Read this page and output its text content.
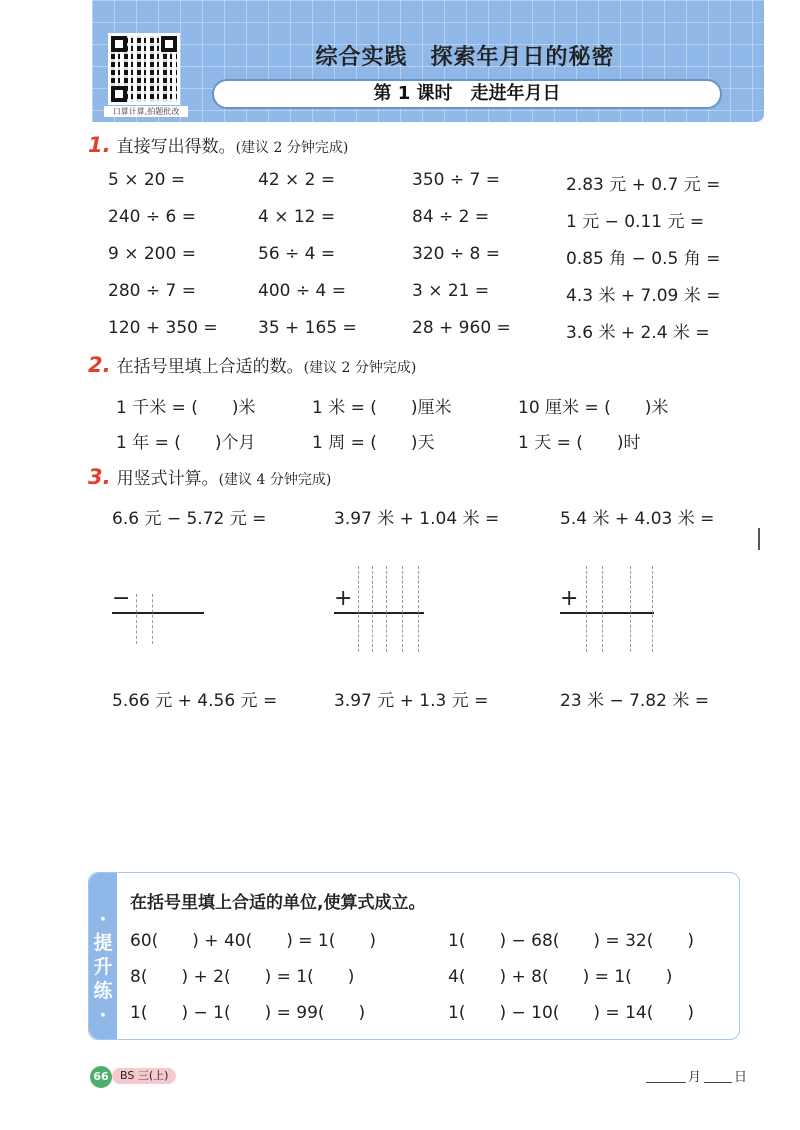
口算计算,拍题批改
综合实践　探索年月日的秘密
第 1 课时　走进年月日
1. 直接写出得数。(建议 2 分钟完成)
5 × 20 =	42 × 2 =	350 ÷ 7 =	2.83 元 + 0.7 元 =
240 ÷ 6 =	4 × 12 =	84 ÷ 2 =	1 元 − 0.11 元 =
9 × 200 =	56 ÷ 4 =	320 ÷ 8 =	0.85 角 − 0.5 角 =
280 ÷ 7 =	400 ÷ 4 =	3 × 21 =	4.3 米 + 7.09 米 =
120 + 350 = 35 + 165 =	28 + 960 =	3.6 米 + 2.4 米 =
2. 在括号里填上合适的数。(建议 2 分钟完成)
1 千米 = (　　)米	1 米 = (　　)厘米	10 厘米 = (　　)米
1 年 = (　　)个月	1 周 = (　　)天	1 天 = (　　)时
3. 用竖式计算。(建议 4 分钟完成)
6.6 元 − 5.72 元 =	3.97 米 + 1.04 米 =	5.4 米 + 4.03 米 =
5.66 元 + 4.56 元 =	3.97 元 + 1.3 元 =	23 米 − 7.82 米 =
−	+	+
·
提
升
练
·
在括号里填上合适的单位,使算式成立。
60(　　) + 40(　　) = 1(　　)	1(　　) − 68(　　) = 32(　　)
8(　　) + 2(　　) = 1(　　)	4(　　) + 8(　　) = 1(　　)
1(　　) − 1(　　) = 99(　　)	1(　　) − 10(　　) = 14(　　)
66	BS 三(上)	月	日
